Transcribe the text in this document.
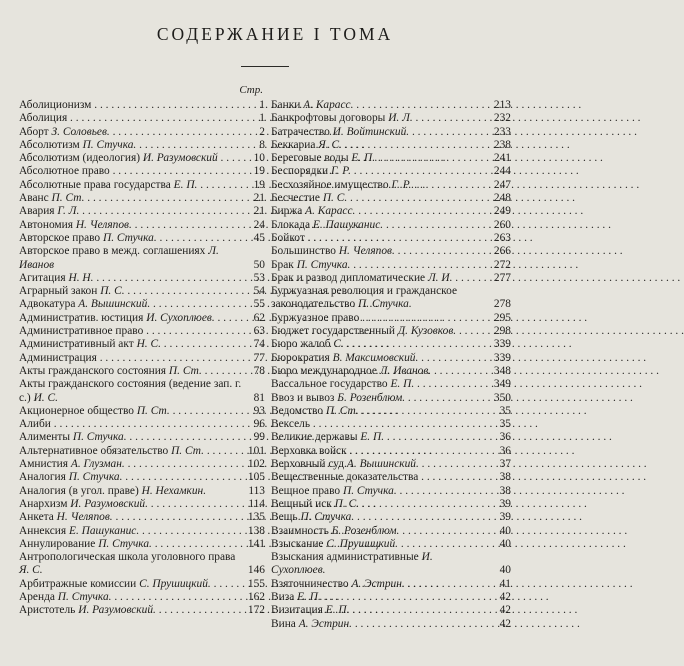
СОДЕРЖАНИЕ I ТОМА
Стр.
Аболиционизм . . .	1
Аболиция . . .	1
Аборт З. Соловьев. . . .	2
Абсолютизм П. Стучка. . . .	8
Абсолютизм (идеология) И. Разумовский . . .	10
Абсолютное право . . .	19
Абсолютные права государства Е. П. . . .	19
Аванс П. Ст. . . .	21
Авария Г. Л. . . .	21
Автономия Н. Челяпов. . . .	24
Авторское право П. Стучка. . . .	45
Авторское право в межд. соглашениях Л. Иванов	50
Агитация Н. Н. . . .	53
Аграрный закон П. С. . . .	54
Адвокатура А. Вышинский. . . .	55
Административ. юстиция И. Сухоплюев. . . .	62
Административное право . . .	63
Административный акт Н. С. . . .	74
Администрация . . .	77
Акты гражданского состояния П. Ст. . . .	78
Акты гражданского состояния (ведение зап. г. с.) И. С.	81
Акционерное общество П. Ст. . . .	93
Алиби . . .	96
Алименты П. Стучка. . . .	99
Альтернативное обязательство П. Ст. . . .	101
Амнистия А. Глузман. . . .	102
Аналогия П. Стучка. . . .	105
Аналогия (в угол. праве) Н. Нехамкин.	113
Анархизм И. Разумовский. . . .	114
Анкета Н. Челяпов. . . .	135
Аннексия Е. Пашуканис. . . .	138
Аннулирование П. Стучка. . . .	141
Антропологическая школа уголовного права Я. С.	146
Арбитражные комиссии С. Прушицкий. . . .	155
Аренда П. Стучка. . . .	162
Аристотель И. Разумовский. . . .	172
Банки А. Карасс. . . .	213
Банкрофтовы договоры И. Л. . . .	232
Батрачество И. Войтинский. . . .	233
Беккариа Я. С. . . .	238
Береговые воды Е. П. . . .	241
Беспорядки Г. Р. . . .	244
Бесхозяйное имущество Г. Р. . . .	247
Бесчестие П. С. . . .	248
Биржа А. Карасс. . . .	249
Блокада Е. Пашуканис. . . .	260
Бойкот . . .	263
Большинство Н. Челяпов. . . .	266
Брак П. Стучка. . . .	272
Брак и развод дипломатические Л. И. . . .	277
Буржуазная революция и гражданское законодательство П. Стучка.	278
Буржуазное право . . .	295
Бюджет государственный Д. Кузовков. . . .	298
Бюро жалоб С. . . .	339
Бюрократия В. Максимовский. . . .	339
Бюро международное Л. Иванов. . . .	348
Вассальное государство Е. П. . . .	349
Ввоз и вывоз Б. Розенблюм. . . .	350
Ведомство П. Ст. . . .	35
Вексель . . .	35
Великие державы Е. П. . . .	36
Верховка войск . . .	36
Верховный суд А. Вышинский. . . .	37
Вещественные доказательства . . .	38
Вещное право П. Стучка. . . .	38
Вещный иск П. С. . . .	39
Вещь П. Стучка. . . .	39
Взаимность Б. Розенблюм. . . .	40
Взыскание С. Прушицкий. . . .	40
Взыскания административные И. Сухоплюев.	40
Взяточничество А. Эстрин. . . .	41
Виза Е. П. . . .	42
Визитация Е. П. . . .	42
Вина А. Эстрин. . . .	42
